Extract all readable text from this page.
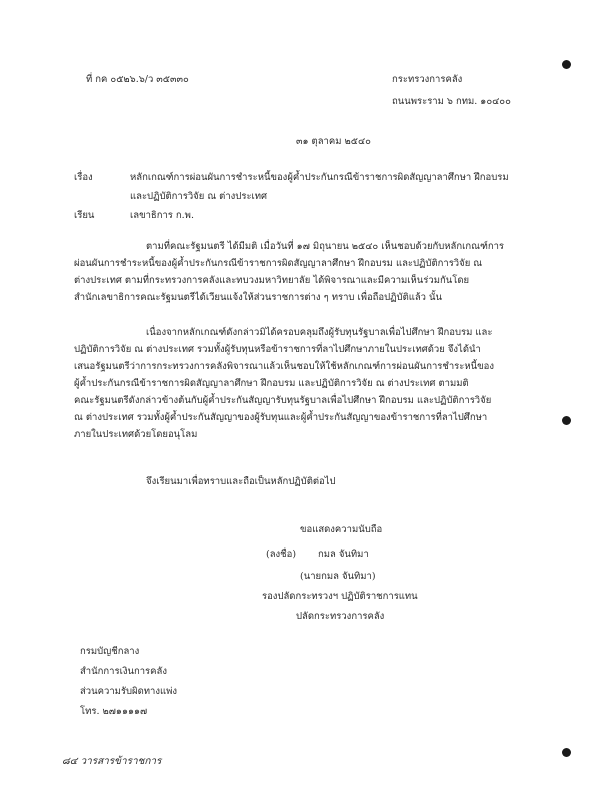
ที่ กค ๐๕๒๖.๖/ว ๓๕๓๓๐	กระทรวงการคลัง
ถนนพระราม ๖ กทม. ๑๐๔๐๐
๓๑ ตุลาคม ๒๕๔๐
เรื่อง	หลักเกณฑ์การผ่อนผันการชำระหนี้ของผู้ค้ำประกันกรณีข้าราชการผิดสัญญาลาศึกษา ฝึกอบรม
และปฏิบัติการวิจัย ณ ต่างประเทศ
เรียน	เลขาธิการ ก.พ.
ตามที่คณะรัฐมนตรี ได้มีมติ เมื่อวันที่ ๑๗ มิถุนายน ๒๕๔๐ เห็นชอบด้วยกับหลักเกณฑ์การ
ผ่อนผันการชำระหนี้ของผู้ค้ำประกันกรณีข้าราชการผิดสัญญาลาศึกษา ฝึกอบรม และปฏิบัติการวิจัย ณ
ต่างประเทศ ตามที่กระทรวงการคลังและทบวงมหาวิทยาลัย ได้พิจารณาและมีความเห็นร่วมกันโดย
สำนักเลขาธิการคณะรัฐมนตรีได้เวียนแจ้งให้ส่วนราชการต่าง ๆ ทราบ เพื่อถือปฏิบัติแล้ว นั้น
เนื่องจากหลักเกณฑ์ดังกล่าวมิได้ครอบคลุมถึงผู้รับทุนรัฐบาลเพื่อไปศึกษา ฝึกอบรม และ
ปฏิบัติการวิจัย ณ ต่างประเทศ รวมทั้งผู้รับทุนหรือข้าราชการที่ลาไปศึกษาภายในประเทศด้วย จึงได้นำ
เสนอรัฐมนตรีว่าการกระทรวงการคลังพิจารณาแล้วเห็นชอบให้ใช้หลักเกณฑ์การผ่อนผันการชำระหนี้ของ
ผู้ค้ำประกันกรณีข้าราชการผิดสัญญาลาศึกษา ฝึกอบรม และปฏิบัติการวิจัย ณ ต่างประเทศ ตามมติ
คณะรัฐมนตรีดังกล่าวข้างต้นกับผู้ค้ำประกันสัญญารับทุนรัฐบาลเพื่อไปศึกษา ฝึกอบรม และปฏิบัติการวิจัย
ณ ต่างประเทศ รวมทั้งผู้ค้ำประกันสัญญาของผู้รับทุนและผู้ค้ำประกันสัญญาของข้าราชการที่ลาไปศึกษา
ภายในประเทศด้วยโดยอนุโลม
จึงเรียนมาเพื่อทราบและถือเป็นหลักปฏิบัติต่อไป
ขอแสดงความนับถือ
(ลงชื่อ) กมล จันทิมา
(นายกมล จันทิมา)
รองปลัดกระทรวงฯ ปฏิบัติราชการแทน
ปลัดกระทรวงการคลัง
กรมบัญชีกลาง
สำนักการเงินการคลัง
ส่วนความรับผิดทางแพ่ง
โทร. ๒๗๑๑๑๑๗
๘๔ วารสารข้าราชการ
